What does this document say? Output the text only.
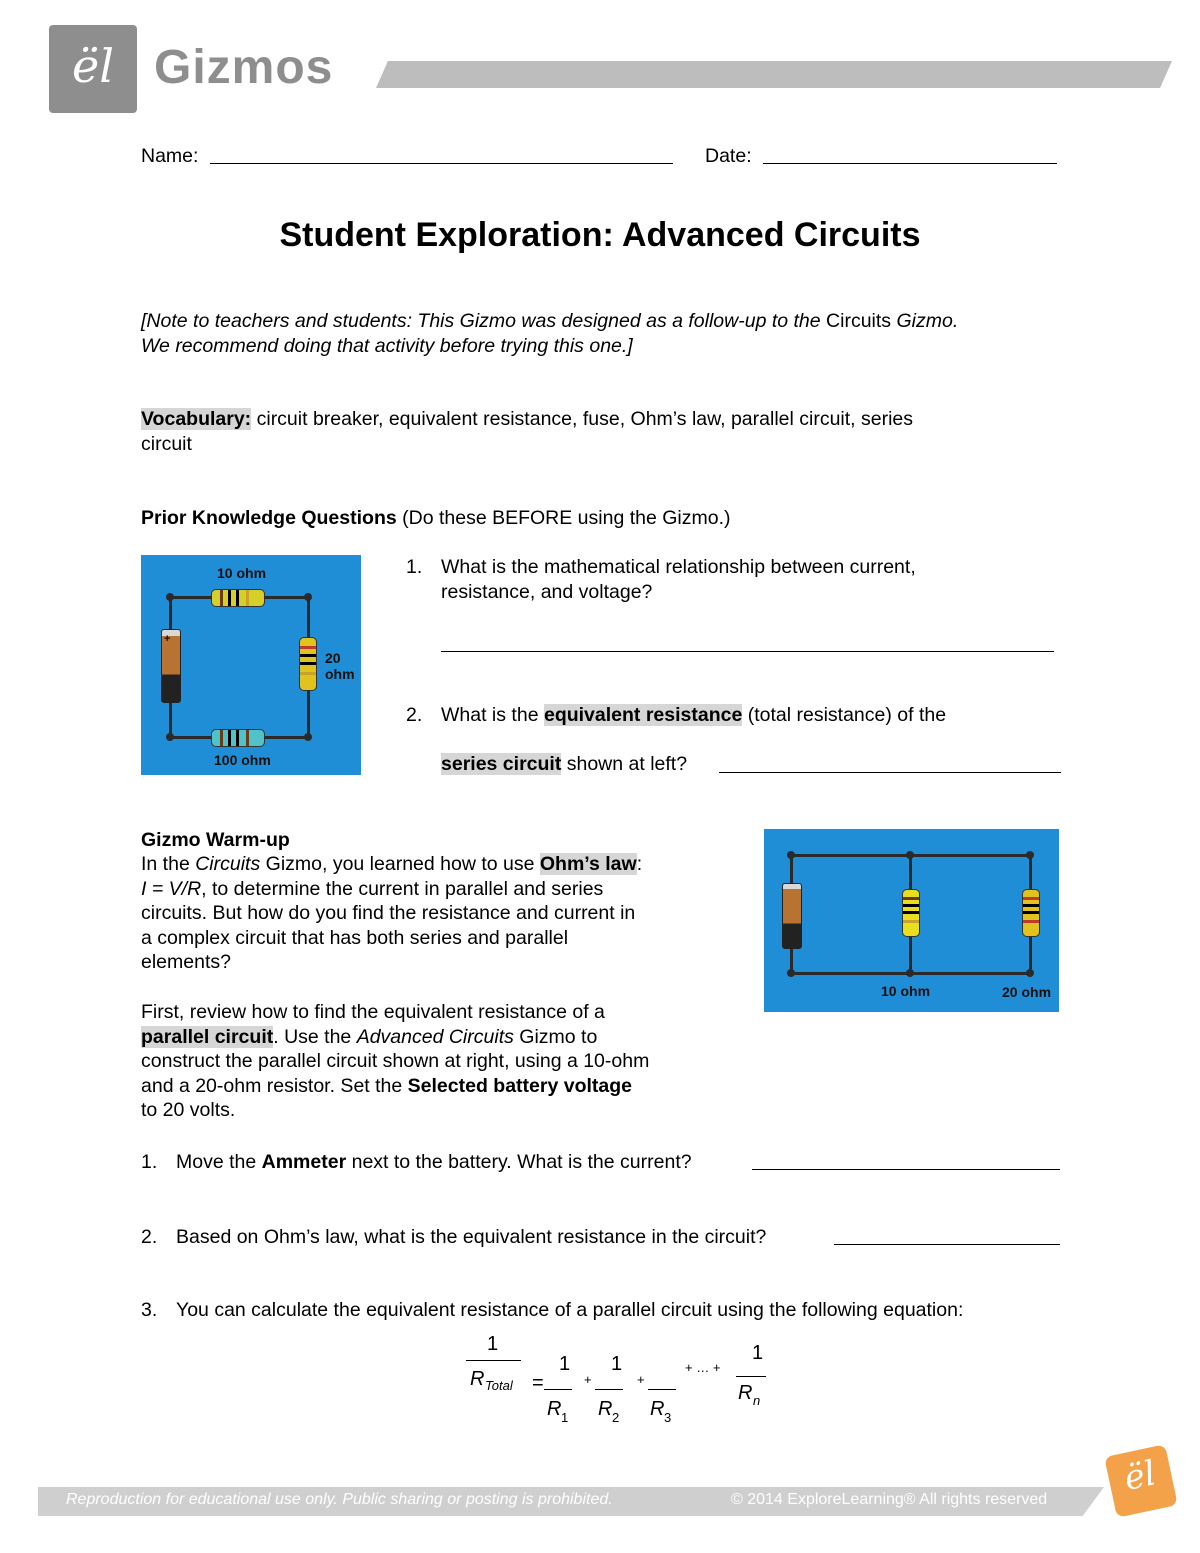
ël Gizmos
Name:	Date:
Student Exploration: Advanced Circuits
[Note to teachers and students: This Gizmo was designed as a follow-up to the Circuits Gizmo.
We recommend doing that activity before trying this one.]
Vocabulary: circuit breaker, equivalent resistance, fuse, Ohm’s law, parallel circuit, series
circuit
Prior Knowledge Questions (Do these BEFORE using the Gizmo.)
+
10 ohm
20
ohm
100 ohm
1. What is the mathematical relationship between current,
resistance, and voltage?
2. What is the equivalent resistance (total resistance) of the
series circuit shown at left?
Gizmo Warm-up
In the Circuits Gizmo, you learned how to use Ohm’s law:
I = V/R, to determine the current in parallel and series
circuits. But how do you find the resistance and current in
a complex circuit that has both series and parallel
elements?
First, review how to find the equivalent resistance of a
parallel circuit. Use the Advanced Circuits Gizmo to
construct the parallel circuit shown at right, using a 10-ohm
and a 20-ohm resistor. Set the Selected battery voltage
to 20 volts.
10 ohm	20 ohm
1. Move the Ammeter next to the battery. What is the current?
2. Based on Ohm’s law, what is the equivalent resistance in the circuit?
3. You can calculate the equivalent resistance of a parallel circuit using the following equation:
1
R Total =
1
R 1
+
1
R 2
+
R 3
+ … +
1
R n
Reproduction for educational use only. Public sharing or posting is prohibited.	© 2014 ExploreLearning® All rights reserved
ël
